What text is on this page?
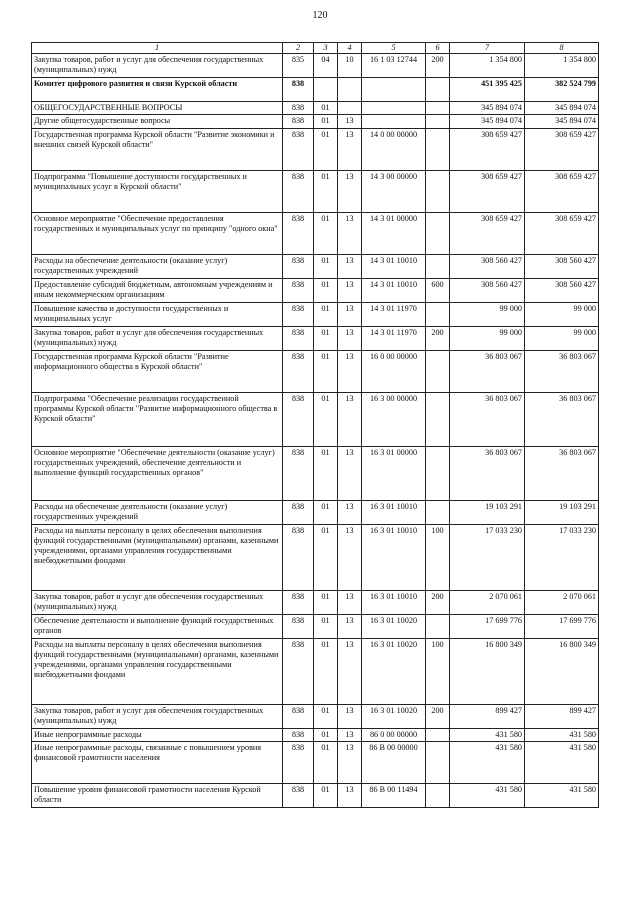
120
1	2	3	4	5	6	7	8
Закупка товаров, работ и услуг для обеспечения государственных (муниципальных) нужд	835	04	10	16 1 03 12744	200	1 354 800	1 354 800
Комитет цифрового развития и связи Курской области	838					451 395 425	382 524 799
ОБЩЕГОСУДАРСТВЕННЫЕ ВОПРОСЫ	838	01				345 894 074	345 894 074
Другие общегосударственные вопросы	838	01	13			345 894 074	345 894 074
Государственная программа Курской области "Развитие экономики и внешних связей Курской области"	838	01	13	14 0 00 00000		308 659 427	308 659 427
Подпрограмма "Повышение доступности государственных и муниципальных услуг в Курской области"	838	01	13	14 3 00 00000		308 659 427	308 659 427
Основное мероприятие "Обеспечение предоставления государственных и муниципальных услуг по принципу "одного окна"	838	01	13	14 3 01 00000		308 659 427	308 659 427
Расходы на обеспечение деятельности (оказание услуг) государственных учреждений	838	01	13	14 3 01 10010		308 560 427	308 560 427
Предоставление субсидий бюджетным, автономным учреждениям и иным некоммерческим организациям	838	01	13	14 3 01 10010	600	308 560 427	308 560 427
Повышение качества и доступности государственных и муниципальных услуг	838	01	13	14 3 01 11970		99 000	99 000
Закупка товаров, работ и услуг для обеспечения государственных (муниципальных) нужд	838	01	13	14 3 01 11970	200	99 000	99 000
Государственная программа Курской области "Развитие информационного общества в Курской области"	838	01	13	16 0 00 00000		36 803 067	36 803 067
Подпрограмма "Обеспечение реализации государственной программы Курской области "Развитие информационного общества в Курской области"	838	01	13	16 3 00 00000		36 803 067	36 803 067
Основное мероприятие "Обеспечение деятельности (оказание услуг) государственных учреждений, обеспечение деятельности и выполнение функций государственных органов"	838	01	13	16 3 01 00000		36 803 067	36 803 067
Расходы на обеспечение деятельности (оказание услуг) государственных учреждений	838	01	13	16 3 01 10010		19 103 291	19 103 291
Расходы на выплаты персоналу в целях обеспечения выполнения функций государственными (муниципальными) органами, казенными учреждениями, органами управления государственными внебюджетными фондами	838	01	13	16 3 01 10010	100	17 033 230	17 033 230
Закупка товаров, работ и услуг для обеспечения государственных (муниципальных) нужд	838	01	13	16 3 01 10010	200	2 070 061	2 070 061
Обеспечение деятельности и выполнение функций государственных органов	838	01	13	16 3 01 10020		17 699 776	17 699 776
Расходы на выплаты персоналу в целях обеспечения выполнения функций государственными (муниципальными) органами, казенными учреждениями, органами управления государственными внебюджетными фондами	838	01	13	16 3 01 10020	100	16 800 349	16 800 349
Закупка товаров, работ и услуг для обеспечения государственных (муниципальных) нужд	838	01	13	16 3 01 10020	200	899 427	899 427
Иные непрограммные расходы	838	01	13	86 0 00 00000		431 580	431 580
Иные непрограммные расходы, связанные с повышением уровня финансовой грамотности населения	838	01	13	86 В 00 00000		431 580	431 580
Повышение уровня финансовой грамотности населения Курской области	838	01	13	86 В 00 11494		431 580	431 580
